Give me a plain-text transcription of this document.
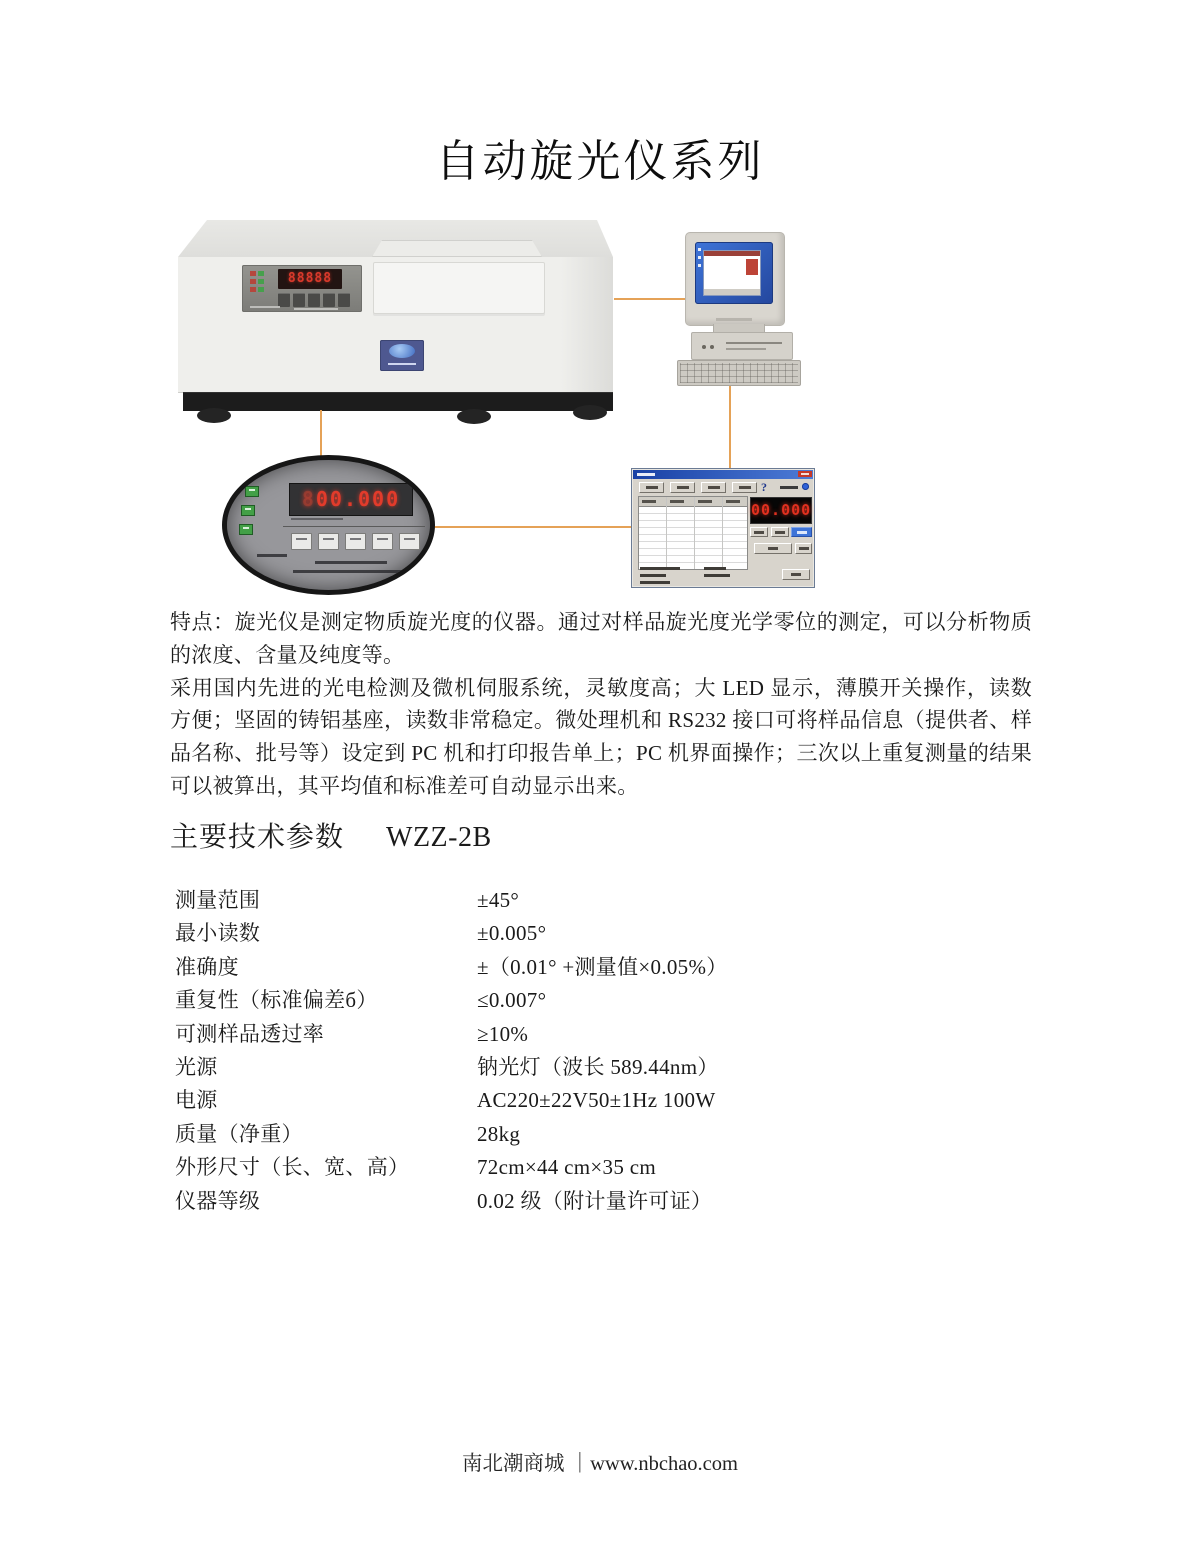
自动旋光仪系列
88888
800.000	?
00.000

特点：旋光仪是测定物质旋光度的仪器。通过对样品旋光度光学零位的测定，可以分析物质的浓度、含量及纯度等。

采用国内先进的光电检测及微机伺服系统，灵敏度高；大 LED 显示，薄膜开关操作，读数方便；坚固的铸铝基座，读数非常稳定。微处理机和 RS232 接口可将样品信息（提供者、样品名称、批号等）设定到 PC 机和打印报告单上；PC 机界面操作；三次以上重复测量的结果可以被算出，其平均值和标准差可自动显示出来。

主要技术参数 WZZ-2B
测量范围	±45°
最小读数	±0.005°
准确度	±（0.01° +测量值×0.05%）
重复性（标准偏差б）	≤0.007°
可测样品透过率	≥10%
光源	钠光灯（波长 589.44nm）
电源	AC220±22V50±1Hz 100W
质量（净重）	28kg
外形尺寸（长、宽、高）	72cm×44 cm×35 cm
仪器等级	0.02 级（附计量许可证）
南北潮商城 ｜www.nbchao.com
